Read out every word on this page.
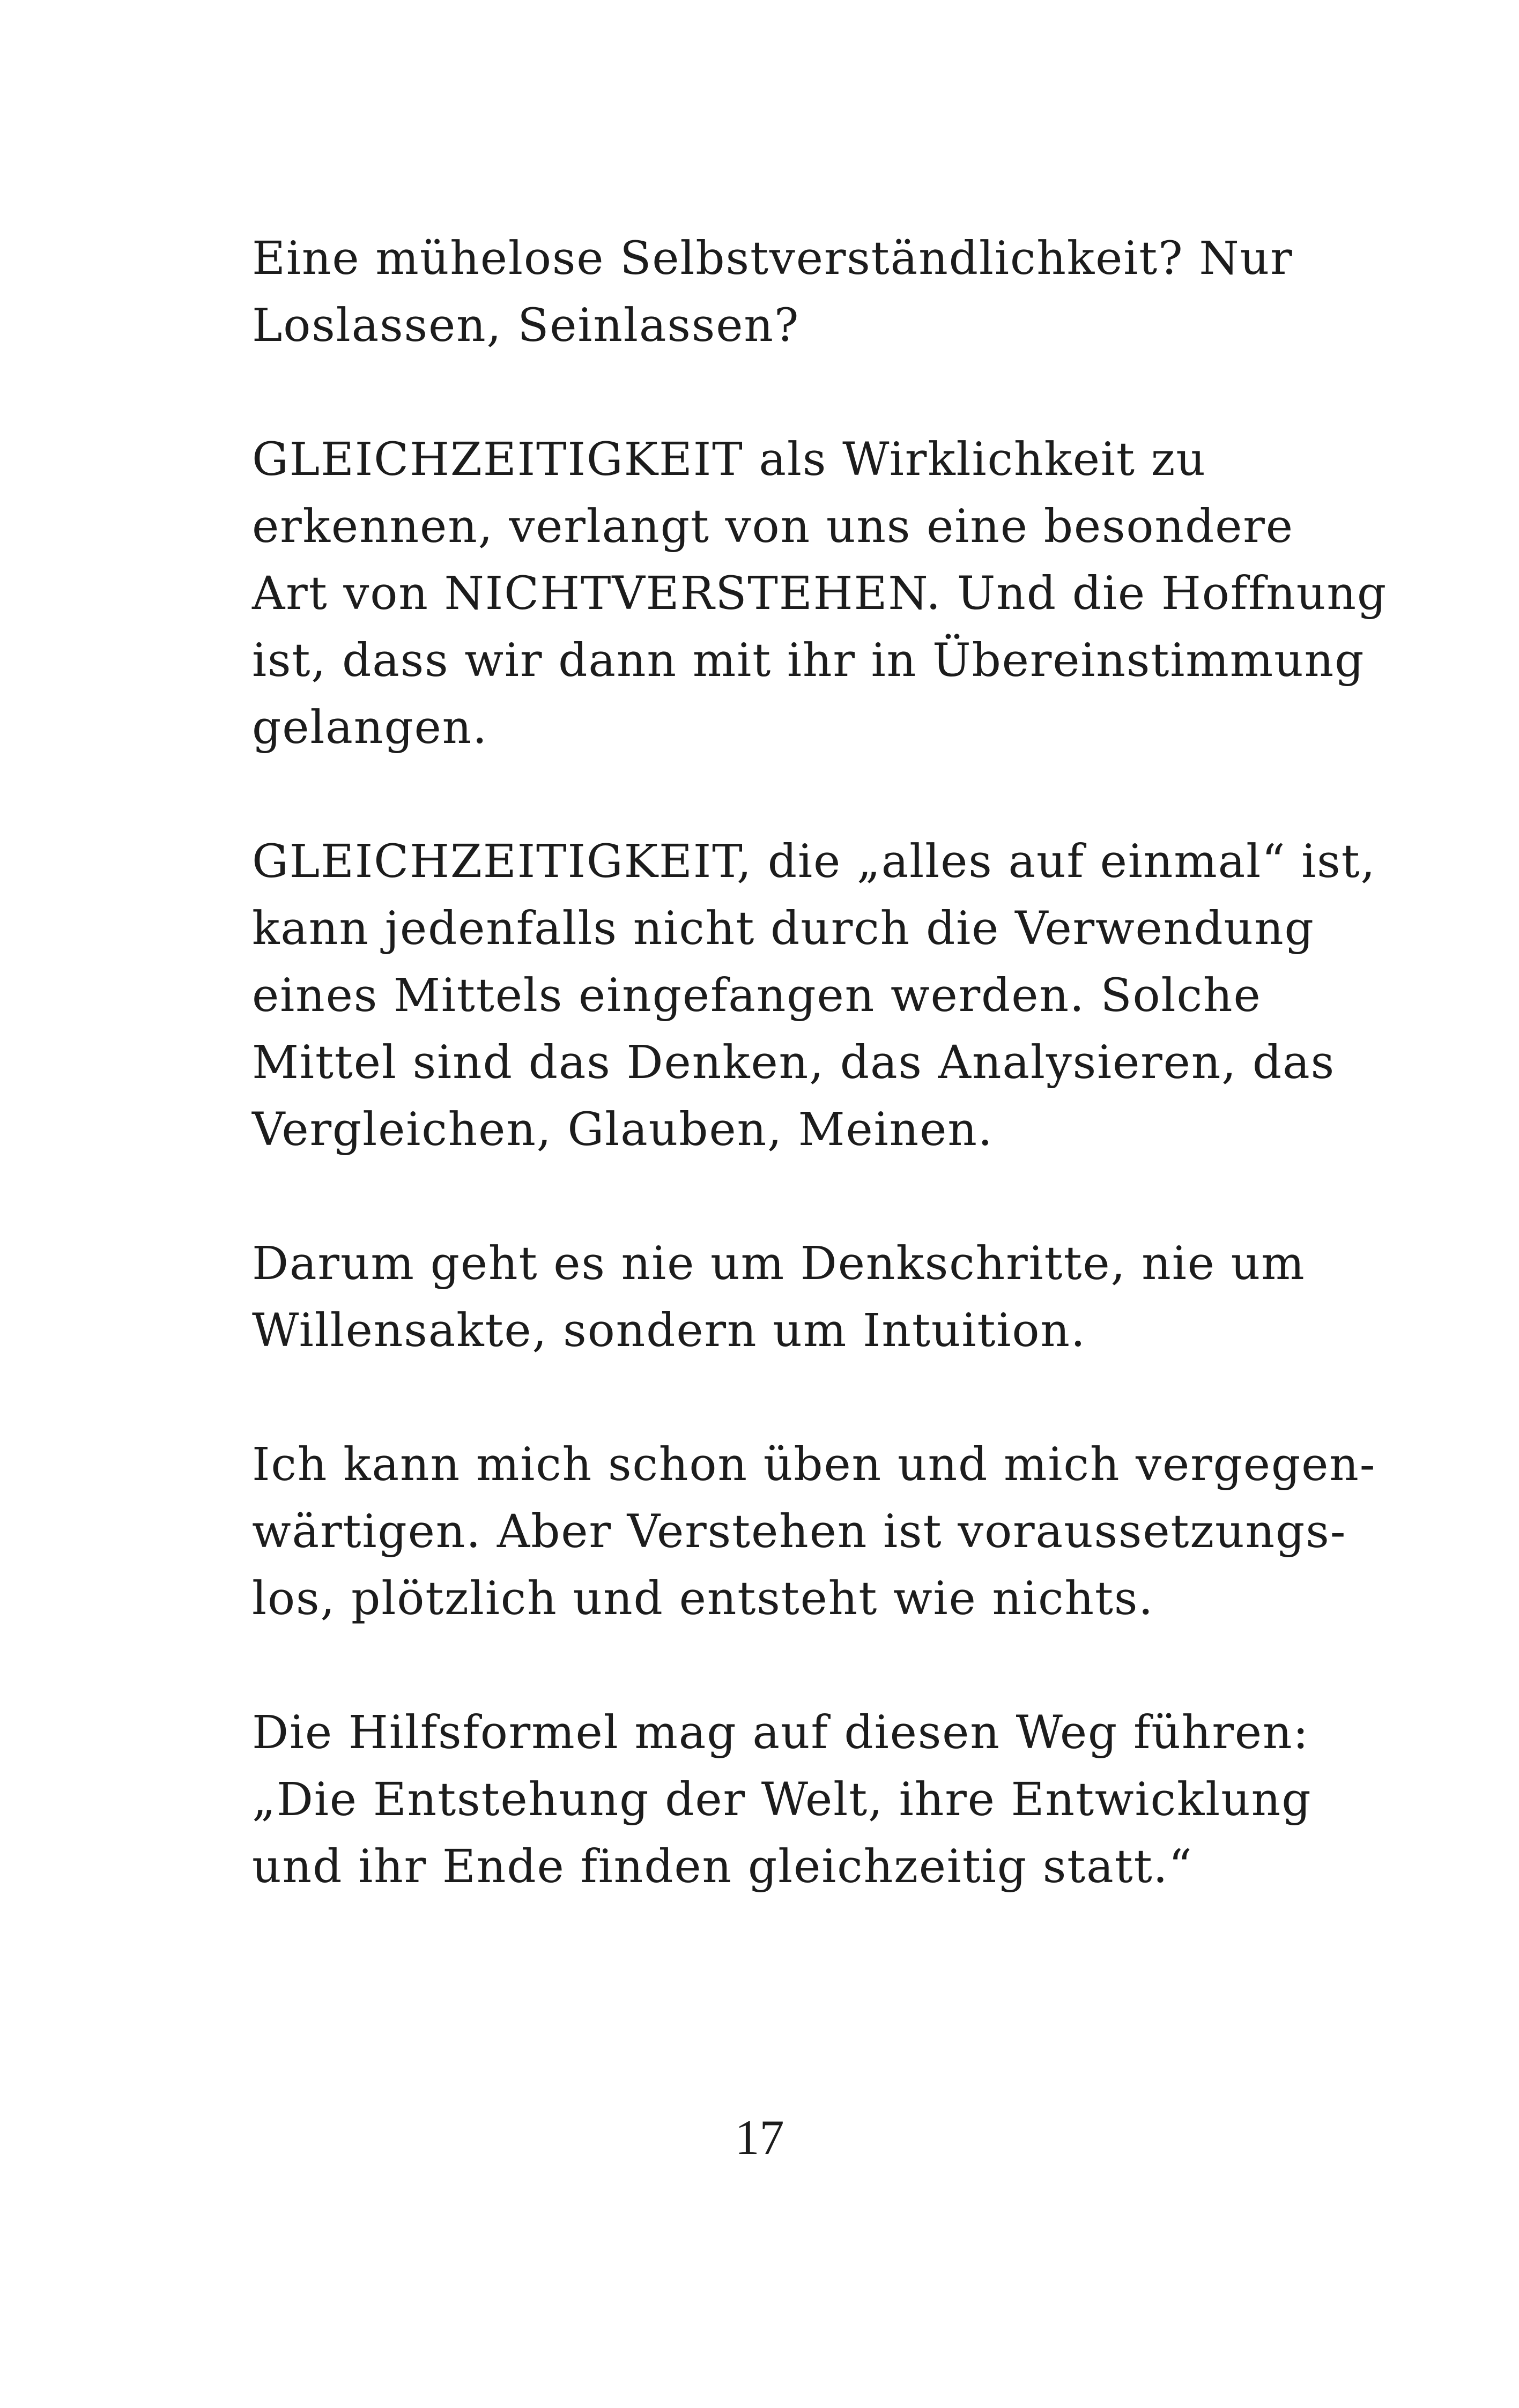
Eine mühelose Selbstverständlichkeit? Nur
Loslassen, Seinlassen?

GLEICHZEITIGKEIT als Wirklichkeit zu
erkennen, verlangt von uns eine besondere
Art von NICHTVERSTEHEN. Und die Hoffnung
ist, dass wir dann mit ihr in Übereinstimmung
gelangen.

GLEICHZEITIGKEIT, die „alles auf einmal“ ist,
kann jedenfalls nicht durch die Verwendung
eines Mittels eingefangen werden. Solche
Mittel sind das Denken, das Analysieren, das
Vergleichen, Glauben, Meinen.

Darum geht es nie um Denkschritte, nie um
Willensakte, sondern um Intuition.

Ich kann mich schon üben und mich vergegen-
wärtigen. Aber Verstehen ist voraussetzungs-
los, plötzlich und entsteht wie nichts.

Die Hilfsformel mag auf diesen Weg führen:
„Die Entstehung der Welt, ihre Entwicklung
und ihr Ende finden gleichzeitig statt.“

17
